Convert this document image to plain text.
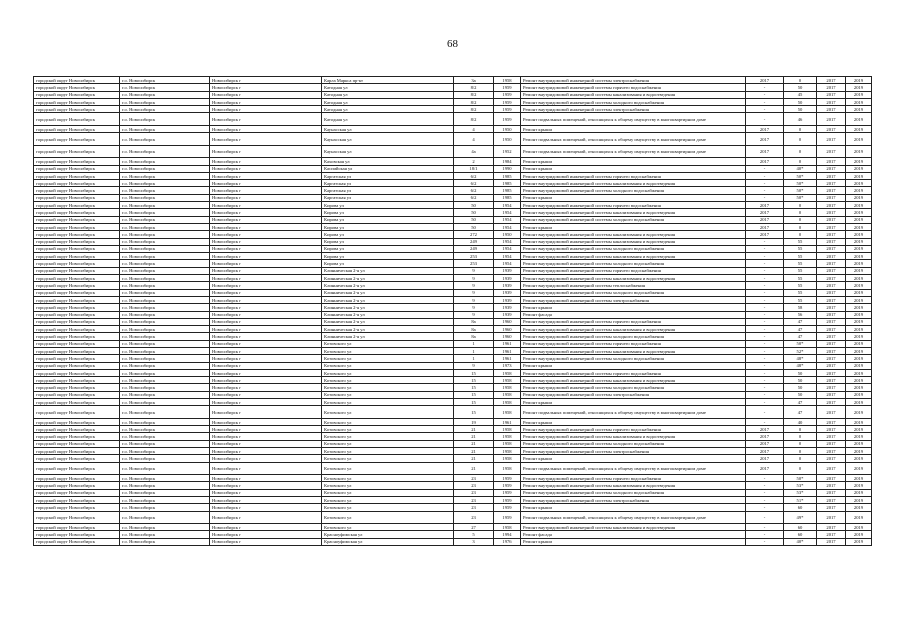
68
городской округ Новосибирск	г.о. Новосибирск	Новосибирск г	Карла Маркса пр-кт	3а	1958	Ремонт внутридомовой инженерной системы электроснабжения	2017	0	2017	2019
городской округ Новосибирск	г.о. Новосибирск	Новосибирск г	Катодная ул	8/2	1959	Ремонт внутридомовой инженерной системы горячего водоснабжения	-	50	2017	2019
городской округ Новосибирск	г.о. Новосибирск	Новосибирск г	Катодная ул	8/2	1959	Ремонт внутридомовой инженерной системы канализования и водоотведения	-	45	2017	2019
городской округ Новосибирск	г.о. Новосибирск	Новосибирск г	Катодная ул	8/2	1959	Ремонт внутридомовой инженерной системы холодного водоснабжения	-	50	2017	2019
городской округ Новосибирск	г.о. Новосибирск	Новосибирск г	Катодная ул	8/2	1959	Ремонт внутридомовой инженерной системы электроснабжения	-	50	2017	2019
городской округ Новосибирск	г.о. Новосибирск	Новосибирск г	Катодная ул	8/2	1959	Ремонт подвальных помещений, относящихся к общему имуществу в многоквартирном доме	-	46	2017	2019
городской округ Новосибирск	г.о. Новосибирск	Новосибирск г	Каунасская ул	4	1950	Ремонт крыши	2017	0	2017	2019
городской округ Новосибирск	г.о. Новосибирск	Новосибирск г	Каунасская ул	4	1950	Ремонт подвальных помещений, относящихся к общему имуществу в многоквартирном доме	2017	0	2017	2019
городской округ Новосибирск	г.о. Новосибирск	Новосибирск г	Каунасская ул	4а	1952	Ремонт подвальных помещений, относящихся к общему имуществу в многоквартирном доме	2017	0	2017	2019
городской округ Новосибирск	г.о. Новосибирск	Новосибирск г	Каховская ул	2	1984	Ремонт крыши	2017	0	2017	2019
городской округ Новосибирск	г.о. Новосибирск	Новосибирск г	Каспийская ул	18/1	1990	Ремонт крыши	-	40*	2017	2019
городской округ Новосибирск	г.о. Новосибирск	Новосибирск г	Каргатская ул	6/2	1985	Ремонт внутридомовой инженерной системы горячего водоснабжения	-	50*	2017	2019
городской округ Новосибирск	г.о. Новосибирск	Новосибирск г	Каргатская ул	6/2	1985	Ремонт внутридомовой инженерной системы канализования и водоотведения	-	50*	2017	2019
городской округ Новосибирск	г.о. Новосибирск	Новосибирск г	Каргатская ул	6/2	1985	Ремонт внутридомовой инженерной системы холодного водоснабжения	-	50*	2017	2019
городской округ Новосибирск	г.о. Новосибирск	Новосибирск г	Каргатская ул	6/2	1985	Ремонт крыши	-	50*	2017	2019
городской округ Новосибирск	г.о. Новосибирск	Новосибирск г	Кирова ул	50	1954	Ремонт внутридомовой инженерной системы горячего водоснабжения	2017	0	2017	2019
городской округ Новосибирск	г.о. Новосибирск	Новосибирск г	Кирова ул	50	1954	Ремонт внутридомовой инженерной системы канализования и водоотведения	2017	0	2017	2019
городской округ Новосибирск	г.о. Новосибирск	Новосибирск г	Кирова ул	50	1954	Ремонт внутридомовой инженерной системы холодного водоснабжения	2017	0	2017	2019
городской округ Новосибирск	г.о. Новосибирск	Новосибирск г	Кирова ул	50	1954	Ремонт крыши	2017	0	2017	2019
городской округ Новосибирск	г.о. Новосибирск	Новосибирск г	Кирова ул	272	1950	Ремонт внутридомовой инженерной системы канализования и водоотведения	2017	0	2017	2019
городской округ Новосибирск	г.о. Новосибирск	Новосибирск г	Кирова ул	249	1954	Ремонт внутридомовой инженерной системы канализования и водоотведения	-	55	2017	2019
городской округ Новосибирск	г.о. Новосибирск	Новосибирск г	Кирова ул	249	1954	Ремонт внутридомовой инженерной системы холодного водоснабжения	-	55	2017	2019
городской округ Новосибирск	г.о. Новосибирск	Новосибирск г	Кирова ул	253	1954	Ремонт внутридомовой инженерной системы канализования и водоотведения	-	55	2017	2019
городской округ Новосибирск	г.о. Новосибирск	Новосибирск г	Кирова ул	253	1954	Ремонт внутридомовой инженерной системы холодного водоснабжения	-	55	2017	2019
городской округ Новосибирск	г.о. Новосибирск	Новосибирск г	Клинническая 2-я ул	9	1939	Ремонт внутридомовой инженерной системы горячего водоснабжения	-	55	2017	2019
городской округ Новосибирск	г.о. Новосибирск	Новосибирск г	Клинническая 2-я ул	9	1939	Ремонт внутридомовой инженерной системы канализования и водоотведения	-	55	2017	2019
городской округ Новосибирск	г.о. Новосибирск	Новосибирск г	Клинническая 2-я ул	9	1939	Ремонт внутридомовой инженерной системы теплоснабжения	-	55	2017	2019
городской округ Новосибирск	г.о. Новосибирск	Новосибирск г	Клинническая 2-я ул	9	1939	Ремонт внутридомовой инженерной системы холодного водоснабжения	-	55	2017	2019
городской округ Новосибирск	г.о. Новосибирск	Новосибирск г	Клинническая 2-я ул	9	1939	Ремонт внутридомовой инженерной системы электроснабжения	-	55	2017	2019
городской округ Новосибирск	г.о. Новосибирск	Новосибирск г	Клинническая 2-я ул	9	1939	Ремонт крыши	-	58	2017	2019
городской округ Новосибирск	г.о. Новосибирск	Новосибирск г	Клинническая 2-я ул	9	1939	Ремонт фасада	-	56	2017	2019
городской округ Новосибирск	г.о. Новосибирск	Новосибирск г	Клинническая 2-я ул	8а	1960	Ремонт внутридомовой инженерной системы горячего водоснабжения	-	47	2017	2019
городской округ Новосибирск	г.о. Новосибирск	Новосибирск г	Клинническая 2-я ул	8а	1960	Ремонт внутридомовой инженерной системы канализования и водоотведения	-	47	2017	2019
городской округ Новосибирск	г.о. Новосибирск	Новосибирск г	Клинническая 2-я ул	8а	1960	Ремонт внутридомовой инженерной системы холодного водоснабжения	-	47	2017	2019
городской округ Новосибирск	г.о. Новосибирск	Новосибирск г	Котовского ул	1	1961	Ремонт внутридомовой инженерной системы горячего водоснабжения	-	50*	2017	2019
городской округ Новосибирск	г.о. Новосибирск	Новосибирск г	Котовского ул	1	1961	Ремонт внутридомовой инженерной системы канализования и водоотведения	-	52*	2017	2019
городской округ Новосибирск	г.о. Новосибирск	Новосибирск г	Котовского ул	1	1961	Ремонт внутридомовой инженерной системы холодного водоснабжения	-	48*	2017	2019
городской округ Новосибирск	г.о. Новосибирск	Новосибирск г	Котовского ул	9	1973	Ремонт крыши	-	48*	2017	2019
городской округ Новосибирск	г.о. Новосибирск	Новосибирск г	Котовского ул	15	1958	Ремонт внутридомовой инженерной системы горячего водоснабжения	-	50	2017	2019
городской округ Новосибирск	г.о. Новосибирск	Новосибирск г	Котовского ул	15	1958	Ремонт внутридомовой инженерной системы канализования и водоотведения	-	50	2017	2019
городской округ Новосибирск	г.о. Новосибирск	Новосибирск г	Котовского ул	15	1958	Ремонт внутридомовой инженерной системы холодного водоснабжения	-	50	2017	2019
городской округ Новосибирск	г.о. Новосибирск	Новосибирск г	Котовского ул	15	1958	Ремонт внутридомовой инженерной системы электроснабжения	-	50	2017	2019
городской округ Новосибирск	г.о. Новосибирск	Новосибирск г	Котовского ул	15	1958	Ремонт крыши	-	47	2017	2019
городской округ Новосибирск	г.о. Новосибирск	Новосибирск г	Котовского ул	15	1958	Ремонт подвальных помещений, относящихся к общему имуществу в многоквартирном доме	-	47	2017	2019
городской округ Новосибирск	г.о. Новосибирск	Новосибирск г	Котовского ул	19	1961	Ремонт крыши	-	40	2017	2019
городской округ Новосибирск	г.о. Новосибирск	Новосибирск г	Котовского ул	21	1958	Ремонт внутридомовой инженерной системы горячего водоснабжения	2017	0	2017	2019
городской округ Новосибирск	г.о. Новосибирск	Новосибирск г	Котовского ул	21	1958	Ремонт внутридомовой инженерной системы канализования и водоотведения	2017	0	2017	2019
городской округ Новосибирск	г.о. Новосибирск	Новосибирск г	Котовского ул	21	1958	Ремонт внутридомовой инженерной системы холодного водоснабжения	2017	0	2017	2019
городской округ Новосибирск	г.о. Новосибирск	Новосибирск г	Котовского ул	21	1958	Ремонт внутридомовой инженерной системы электроснабжения	2017	0	2017	2019
городской округ Новосибирск	г.о. Новосибирск	Новосибирск г	Котовского ул	21	1958	Ремонт крыши	2017	0	2017	2019
городской округ Новосибирск	г.о. Новосибирск	Новосибирск г	Котовского ул	21	1958	Ремонт подвальных помещений, относящихся к общему имуществу в многоквартирном доме	2017	0	2017	2019
городской округ Новосибирск	г.о. Новосибирск	Новосибирск г	Котовского ул	23	1959	Ремонт внутридомовой инженерной системы горячего водоснабжения	-	50*	2017	2019
городской округ Новосибирск	г.о. Новосибирск	Новосибирск г	Котовского ул	23	1959	Ремонт внутридомовой инженерной системы канализования и водоотведения	-	53*	2017	2019
городской округ Новосибирск	г.о. Новосибирск	Новосибирск г	Котовского ул	23	1959	Ремонт внутридомовой инженерной системы холодного водоснабжения	-	53*	2017	2019
городской округ Новосибирск	г.о. Новосибирск	Новосибирск г	Котовского ул	23	1959	Ремонт внутридомовой инженерной системы электроснабжения	-	51*	2017	2019
городской округ Новосибирск	г.о. Новосибирск	Новосибирск г	Котовского ул	23	1959	Ремонт крыши	-	60	2017	2019
городской округ Новосибирск	г.о. Новосибирск	Новосибирск г	Котовского ул	23	1959	Ремонт подвальных помещений, относящихся к общему имуществу в многоквартирном доме	-	49*	2017	2019
городской округ Новосибирск	г.о. Новосибирск	Новосибирск г	Котовского ул	27	1958	Ремонт внутридомовой инженерной системы канализования и водоотведения	-	60	2017	2019
городской округ Новосибирск	г.о. Новосибирск	Новосибирск г	Красноуфимская ул	5	1994	Ремонт фасада	-	60	2017	2019
городской округ Новосибирск	г.о. Новосибирск	Новосибирск г	Красноуфимская ул	3	1976	Ремонт крыши	-	40*	2017	2019
